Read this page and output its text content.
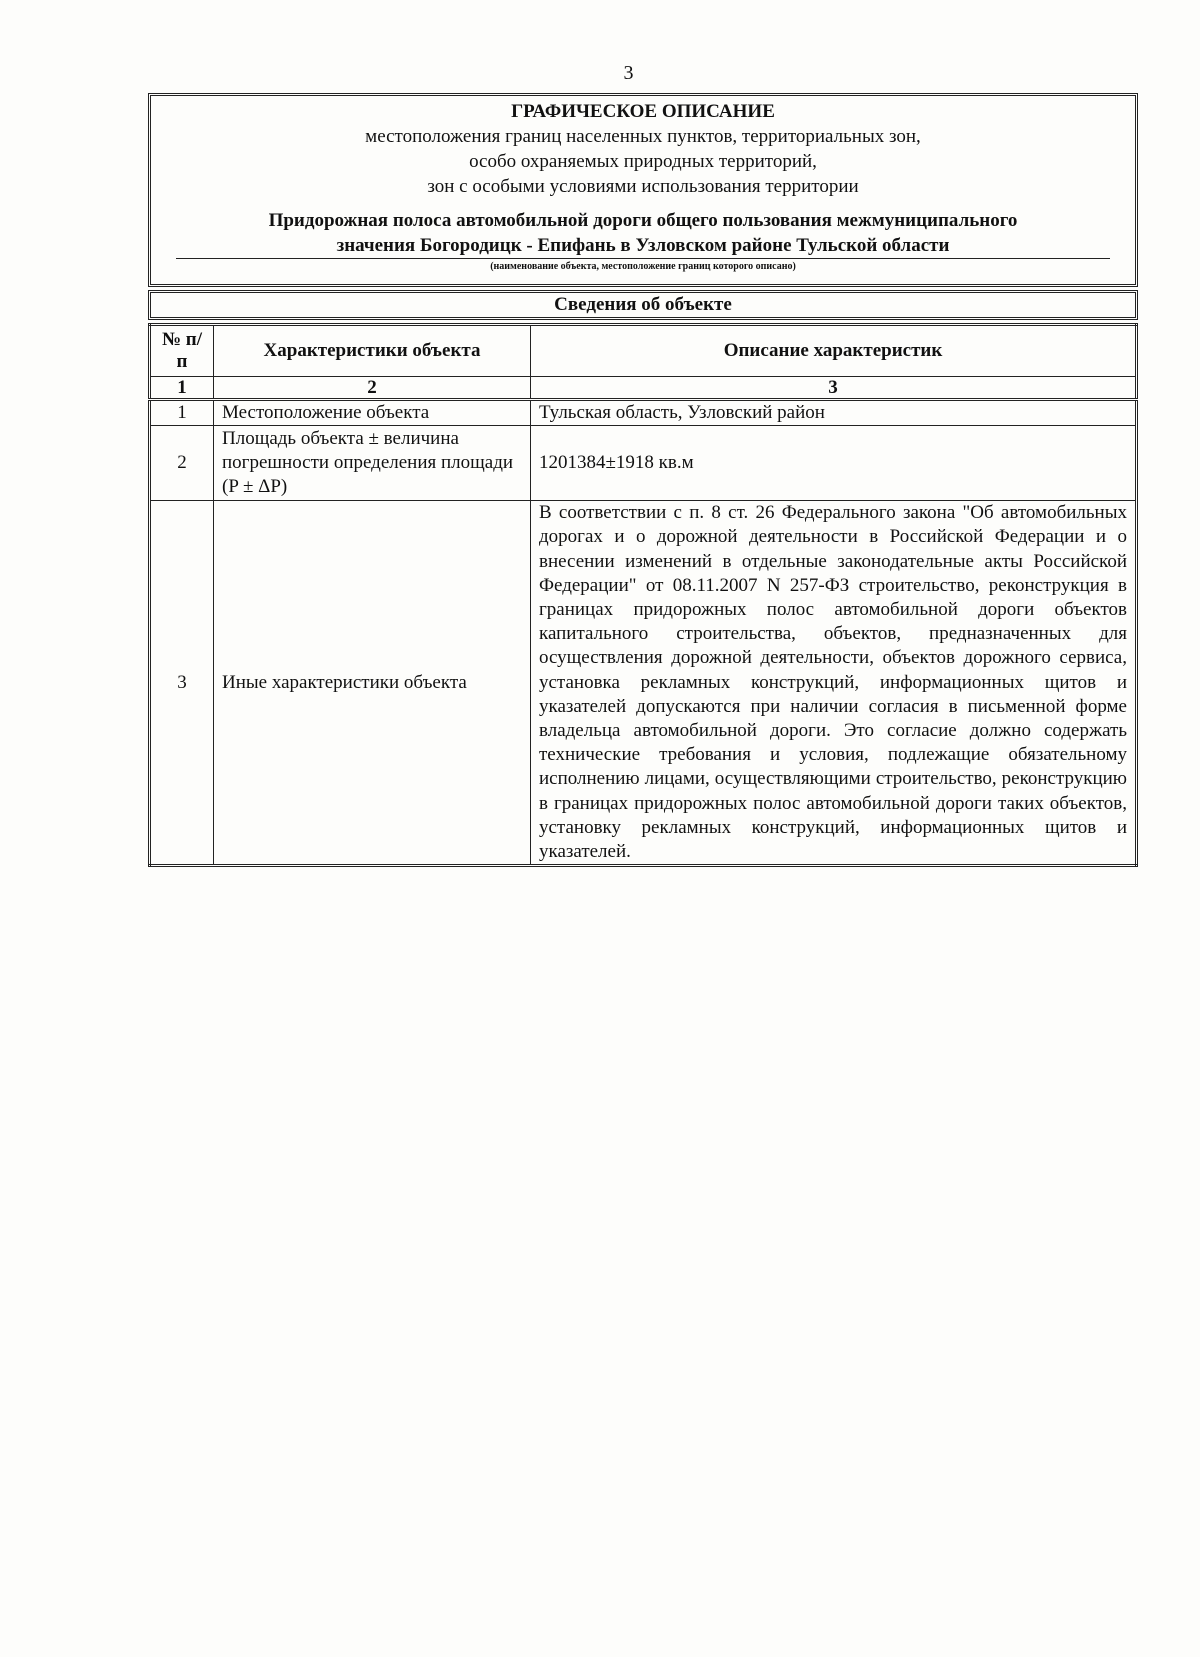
3
ГРАФИЧЕСКОЕ ОПИСАНИЕ
местоположения границ населенных пунктов, территориальных зон,
особо охраняемых природных территорий,
зон с особыми условиями использования территории
Придорожная полоса автомобильной дороги общего пользования межмуниципального
значения Богородицк - Епифань в Узловском районе Тульской области
(наименование объекта, местоположение границ которого описано)
Сведения об объекте
№ п/п	Характеристики объекта	Описание характеристик
1	2	3
1	Местоположение объекта	Тульская область, Узловский район
2	Площадь объекта ± величина погрешности определения площади (P ± ΔP)	1201384±1918 кв.м
3	Иные характеристики объекта	В соответствии с п. 8 ст. 26 Федерального закона "Об автомобильных дорогах и о дорожной деятельности в Российской Федерации и о внесении изменений в отдельные законодательные акты Российской Федерации" от 08.11.2007 N 257-ФЗ строительство, реконструкция в границах придорожных полос автомобильной дороги объектов капитального строительства, объектов, предназначенных для осуществления дорожной деятельности, объектов дорожного сервиса, установка рекламных конструкций, информационных щитов и указателей допускаются при наличии согласия в письменной форме владельца автомобильной дороги. Это согласие должно содержать технические требования и условия, подлежащие обязательному исполнению лицами, осуществляющими строительство, реконструкцию в границах придорожных полос автомобильной дороги таких объектов, установку рекламных конструкций, информационных щитов и указателей.
